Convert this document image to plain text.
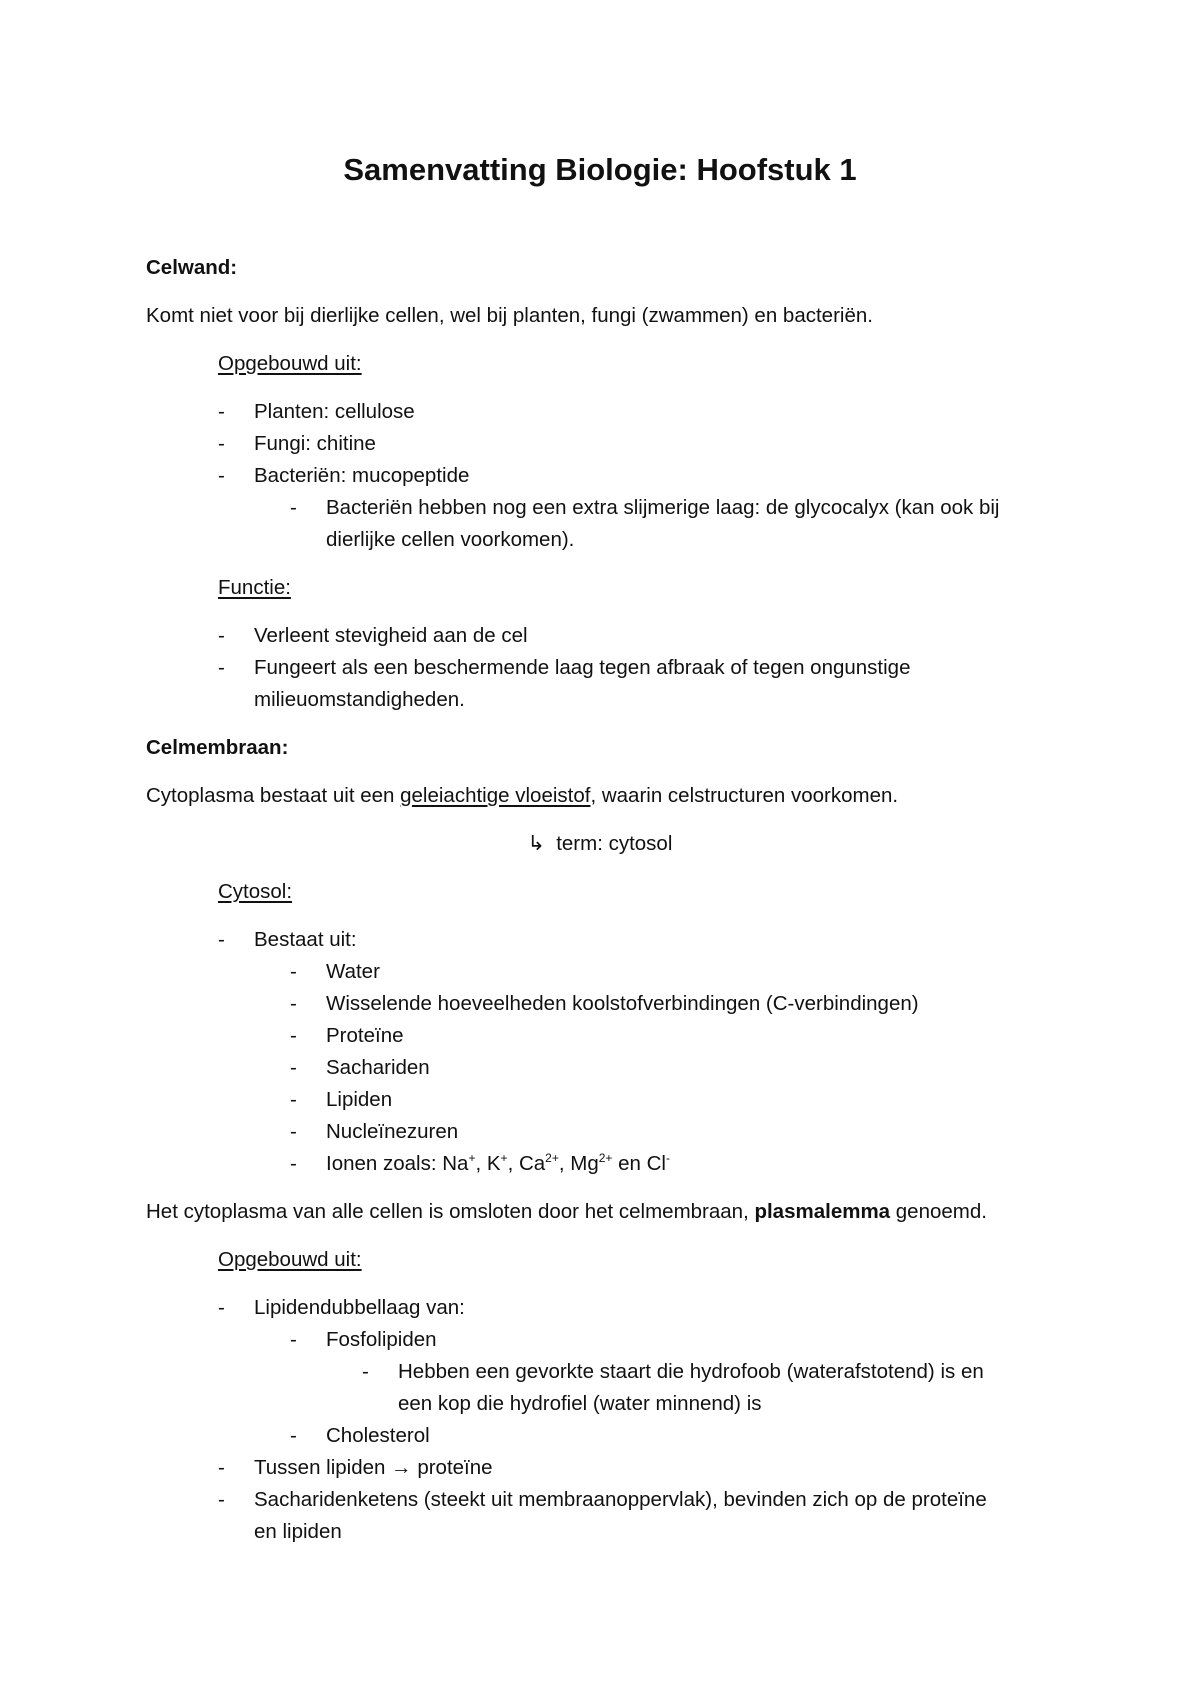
Samenvatting Biologie: Hoofstuk 1
Celwand:
Komt niet voor bij dierlijke cellen, wel bij planten, fungi (zwammen) en bacteriën.
Opgebouwd uit:
- Planten: cellulose
- Fungi: chitine
- Bacteriën: mucopeptide
- Bacteriën hebben nog een extra slijmerige laag: de glycocalyx (kan ook bij
dierlijke cellen voorkomen).
Functie:
- Verleent stevigheid aan de cel
- Fungeert als een beschermende laag tegen afbraak of tegen ongunstige
milieuomstandigheden.
Celmembraan:
Cytoplasma bestaat uit een geleiachtige vloeistof, waarin celstructuren voorkomen.
↳ term: cytosol
Cytosol:
- Bestaat uit:
- Water
- Wisselende hoeveelheden koolstofverbindingen (C-verbindingen)
- Proteïne
- Sachariden
- Lipiden
- Nucleïnezuren
- Ionen zoals: Na+, K+, $Ca^{2+}$, $Mg^{2+}$ en Cl-
Het cytoplasma van alle cellen is omsloten door het celmembraan, plasmalemma genoemd.
Opgebouwd uit:
- Lipidendubbellaag van:
- Fosfolipiden
- Hebben een gevorkte staart die hydrofoob (waterafstotend) is en
een kop die hydrofiel (water minnend) is
- Cholesterol
- Tussen lipiden → proteïne
- Sacharidenketens (steekt uit membraanoppervlak), bevinden zich op de proteïne
en lipiden
